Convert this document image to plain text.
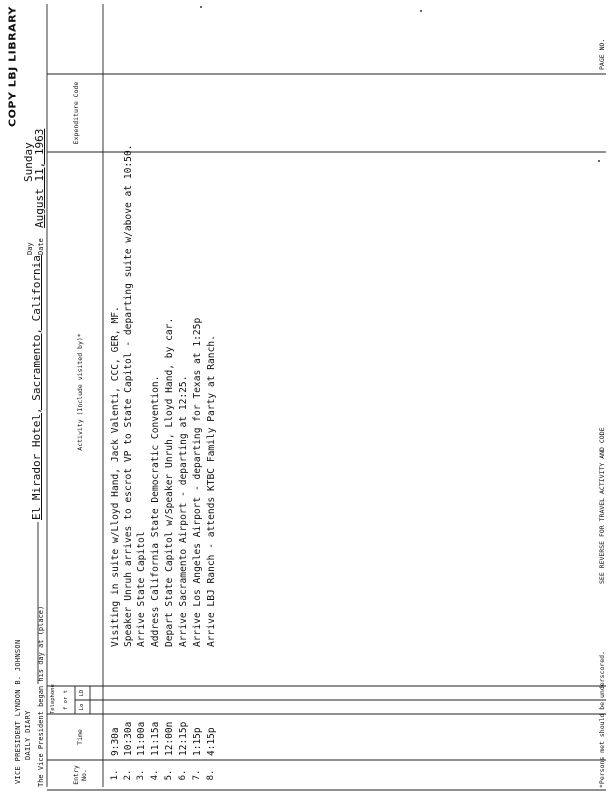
COPY LBJ LIBRARY
VICE PRESIDENT LYNDON B. JOHNSON DAILY DIARY The Vice President began his day at (place)
El Mirador Hotel, Sacramento, California
Day
Sunday
Date
August 11, 1963
Entry No.
Time
Telephone f or t Lo
LD
Activity (Include visited by)*
Expenditure Code
1.
9:30a
Visiting in suite w/Lloyd Hand, Jack Valenti, CCC, GER, MF.
2.
10:30a
Speaker Unruh arrives to escrot VP to State Capitol - departing suite w/above at 10:50.
3.
11:00a
Arrive State Capitol
4.
11:15a
Address California State Democratic Convention.
5.
12:00n
Depart State Capitol w/Speaker Unruh, Lloyd Hand, by car.
6.
12:15p
Arrive Sacramento Airport - departing at 12:25.
7.
1:15p
Arrive Los Angeles Airport - departing for Texas at 1:25p
8.
4:15p
Arrive LBJ Ranch - attends KTBC Family Party at Ranch.
*Persons met should be underscored.
SEE REVERSE FOR TRAVEL ACTIVITY AND CODE
PAGE NO.
